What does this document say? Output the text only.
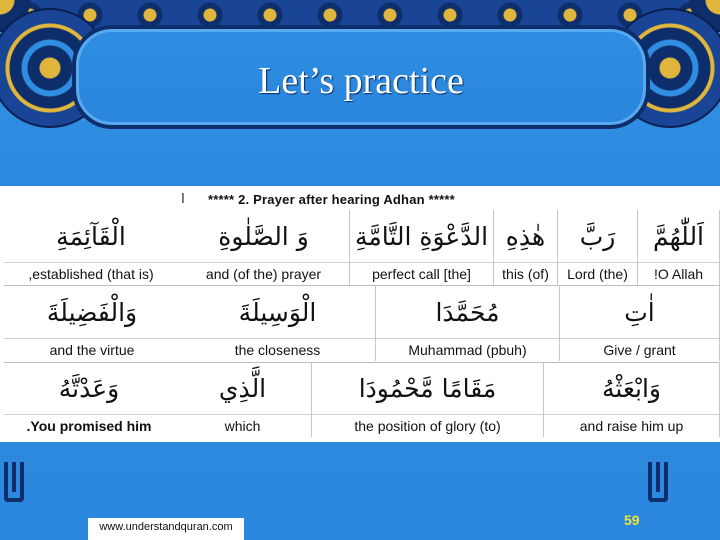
Let’s practice
I ***** 2. Prayer after hearing Adhan *****
اَللّٰهُمَّ
O Allah!
رَبَّ
(the) Lord
هٰذِهِ
(of) this
الدَّعْوَةِ التَّامَّةِ
[the] perfect call
وَ الصَّلٰوةِ
and (of the) prayer
الْقَآئِمَةِ
(that is) established,
اٰتِ
Give / grant
مُحَمَّدَا
Muhammad (pbuh)
الْوَسِيلَةَ
the closeness
وَالْفَضِيلَةَ
and the virtue
وَابْعَثْهُ
and raise him up
مَقَامًا مَّحْمُودَا
(to) the position of glory
الَّذِي
which
وَعَدْتَّهُ
You promised him.
www.understandquran.com	59
